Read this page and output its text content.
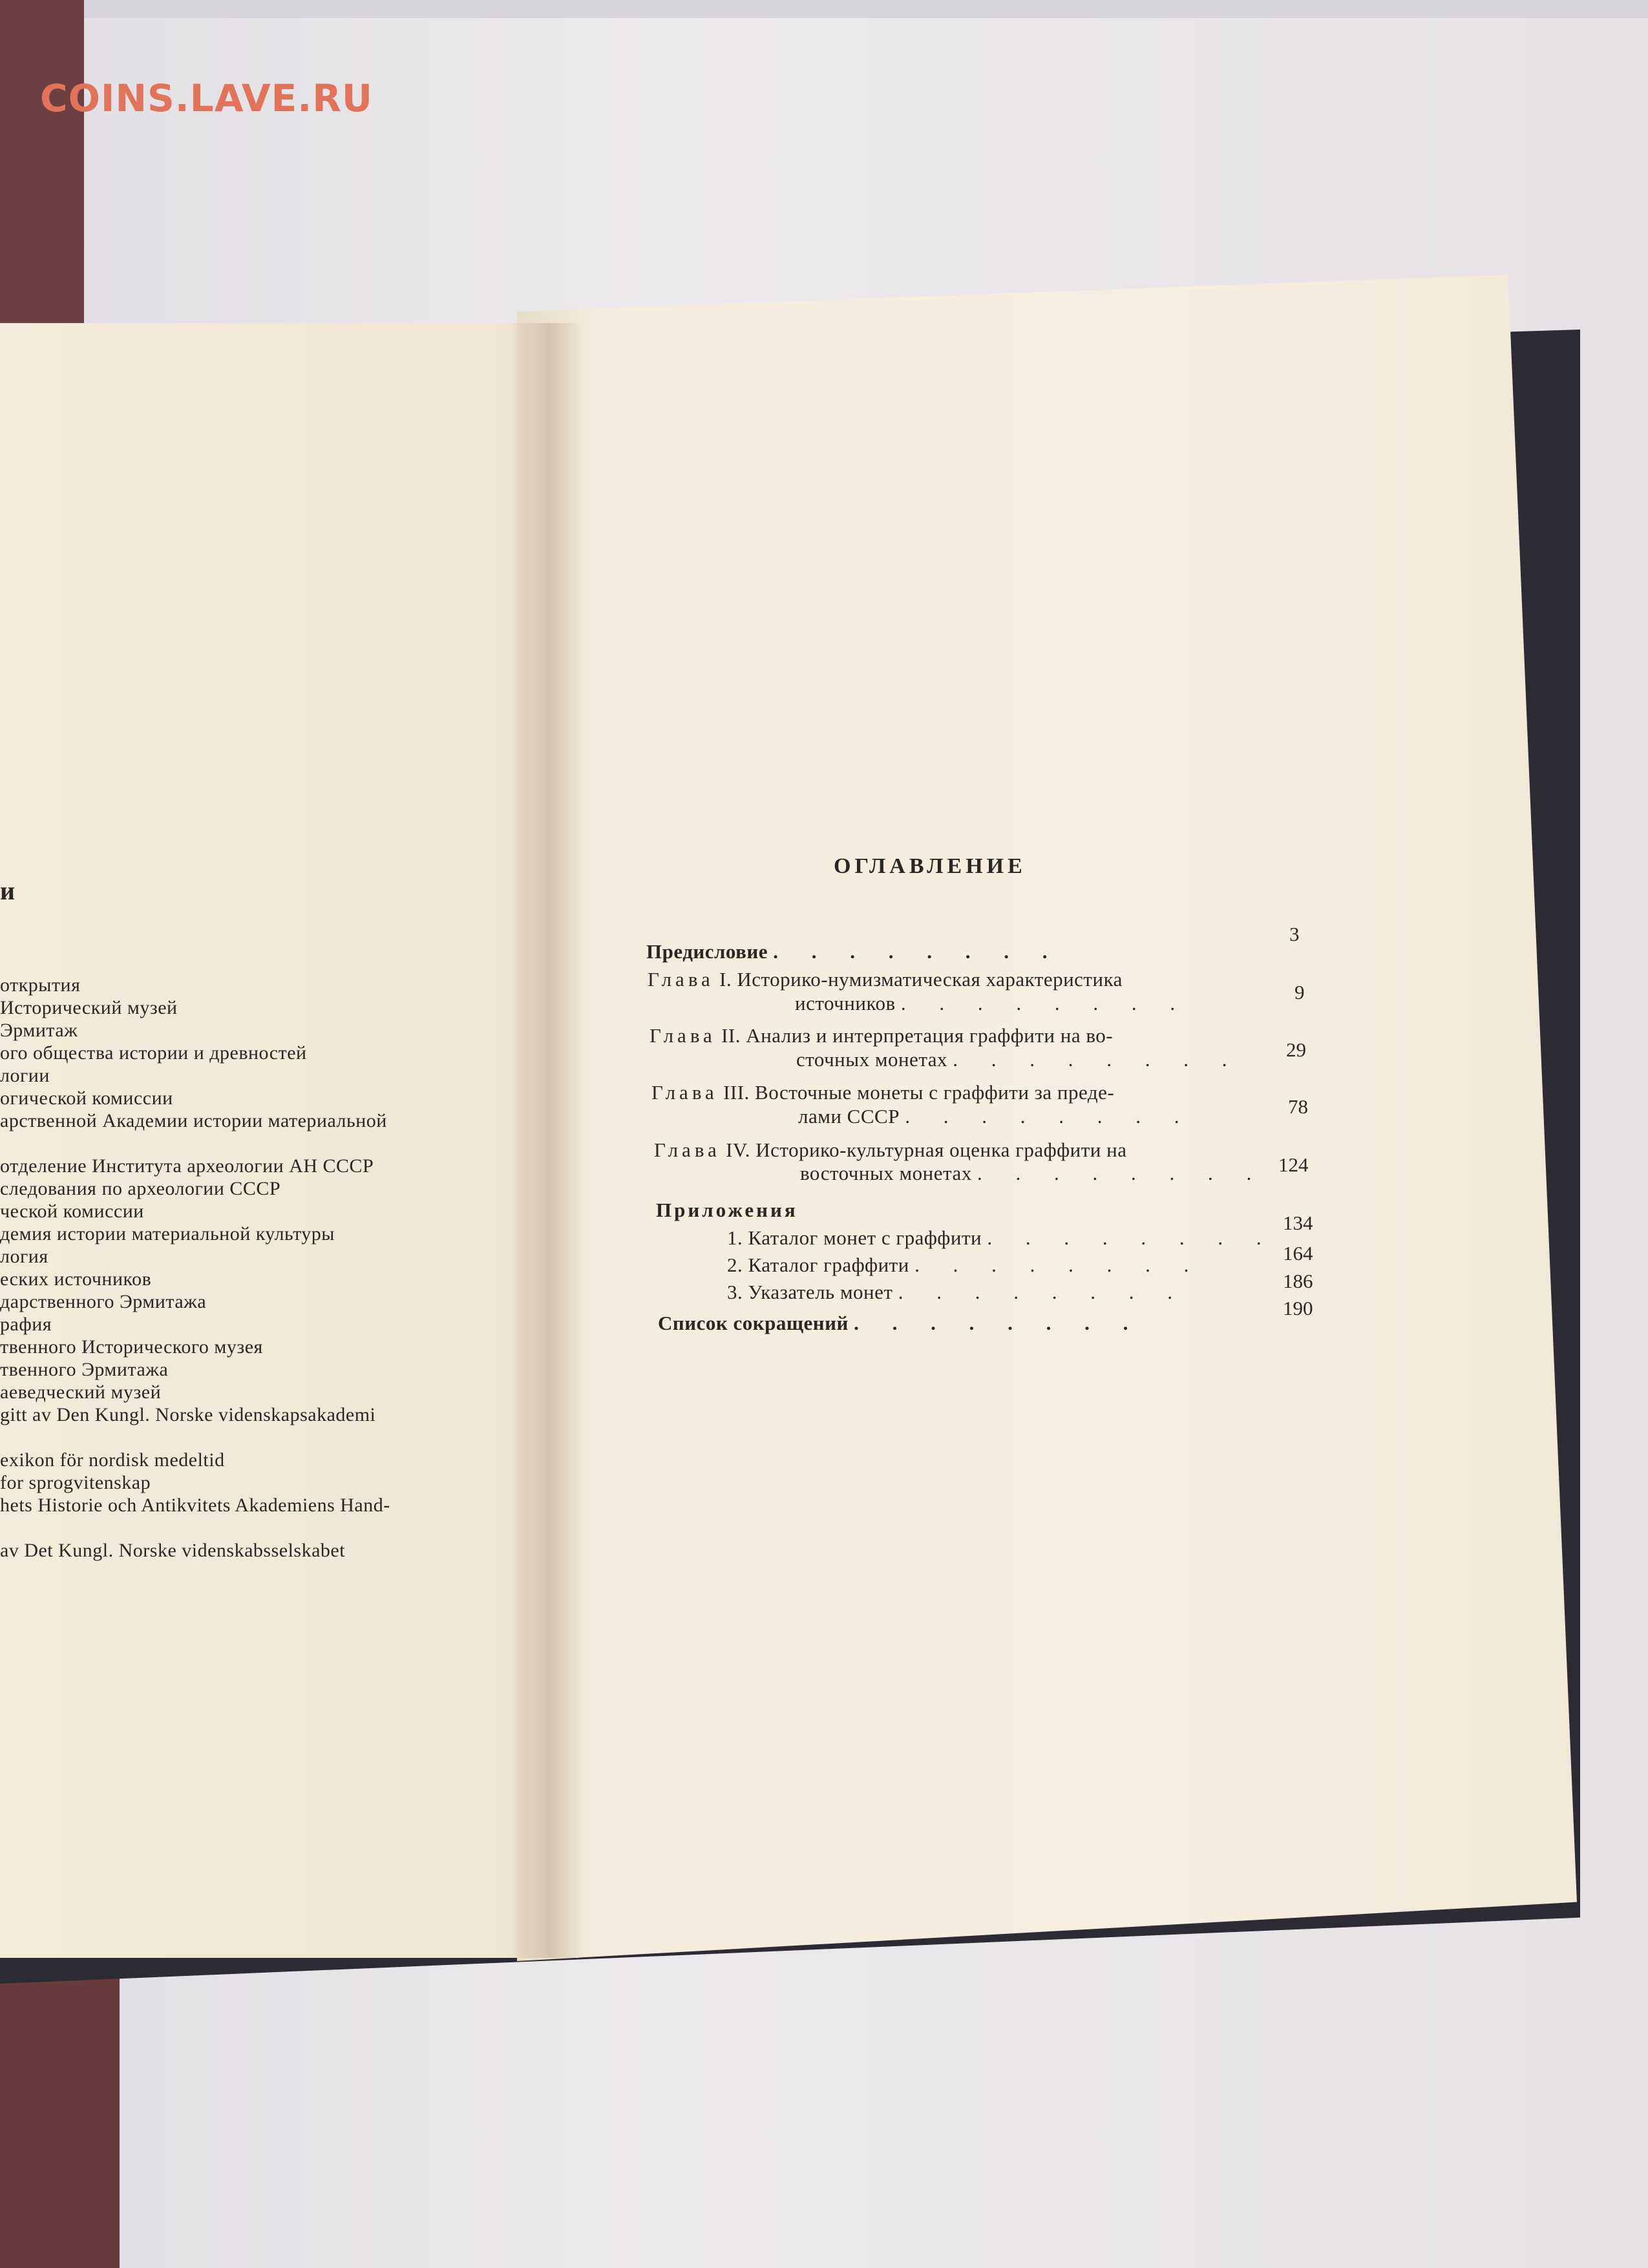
COINS.LAVE.RU
и
открытия
Исторический музей
Эрмитаж
ого общества истории и древностей
логии
огической комиссии
арственной Академии истории материальной
отделение Института археологии АН СССР
следования по археологии СССР
ческой комиссии
демия истории материальной культуры
логия
еских источников
дарственного Эрмитажа
рафия
твенного Исторического музея
твенного Эрмитажа
аеведческий музей
gitt av Den Kungl. Norske videnskapsakademi
exikon för nordisk medeltid
for sprogvitenskap
hets Historie och Antikvitets Akademiens Hand-
av Det Kungl. Norske videnskabsselskabet
ОГЛАВЛЕНИЕ
Предисловие . . . . . . . .
3
Глава I. Историко-нумизматическая характеристика
источников . . . . . . . .	9
Глава II. Анализ и интерпретация граффити на во-
сточных монетах . . . . . . . . 29
Глава III. Восточные монеты с граффити за преде-
лами СССР . . . . . . . .	78
Глава IV. Историко-культурная оценка граффити на
восточных монетах . . . . . . . . 124
Приложения
1. Каталог монет с граффити . . . . . . . .
134
2. Каталог граффити . . . . . . . .
164
3. Указатель монет . . . . . . . .	186
Список сокращений . . . . . . . .
190
